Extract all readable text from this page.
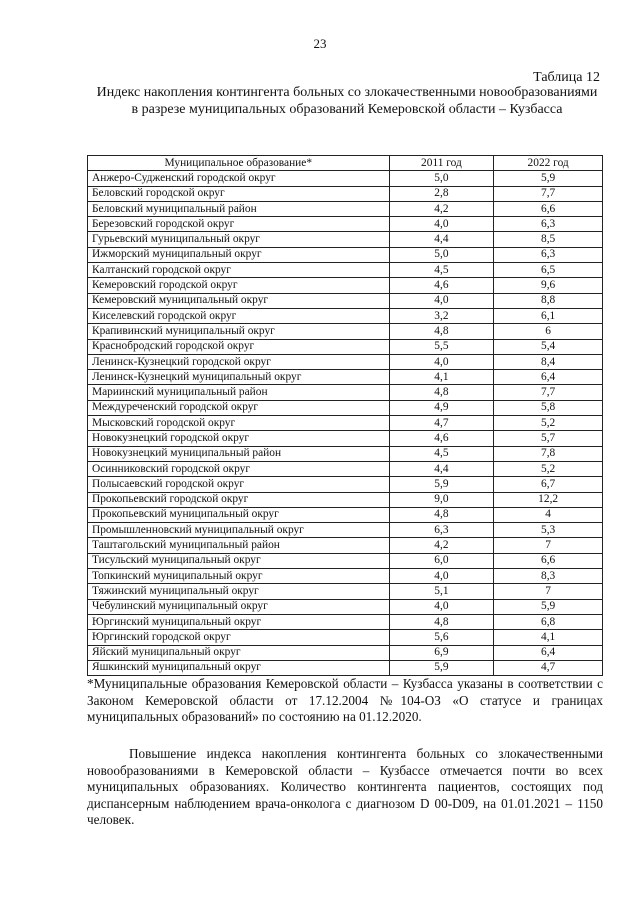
23
Таблица 12
Индекс накопления контингента больных со злокачественными новообразованиями в разрезе муниципальных образований Кемеровской области – Кузбасса
Муниципальное образование*	2011 год	2022 год
Анжеро-Судженский городской округ	5,0	5,9
Беловский городской округ	2,8	7,7
Беловский муниципальный район	4,2	6,6
Березовский городской округ	4,0	6,3
Гурьевский муниципальный округ	4,4	8,5
Ижморский муниципальный округ	5,0	6,3
Калтанский городской округ	4,5	6,5
Кемеровский городской округ	4,6	9,6
Кемеровский муниципальный округ	4,0	8,8
Киселевский городской округ	3,2	6,1
Крапивинский муниципальный округ	4,8	6
Краснобродский городской округ	5,5	5,4
Ленинск-Кузнецкий городской округ	4,0	8,4
Ленинск-Кузнецкий муниципальный округ	4,1	6,4
Мариинский муниципальный район	4,8	7,7
Междуреченский городской округ	4,9	5,8
Мысковский городской округ	4,7	5,2
Новокузнецкий городской округ	4,6	5,7
Новокузнецкий муниципальный район	4,5	7,8
Осинниковский городской округ	4,4	5,2
Полысаевский городской округ	5,9	6,7
Прокопьевский городской округ	9,0	12,2
Прокопьевский муниципальный округ	4,8	4
Промышленновский муниципальный округ	6,3	5,3
Таштагольский муниципальный район	4,2	7
Тисульский муниципальный округ	6,0	6,6
Топкинский муниципальный округ	4,0	8,3
Тяжинский муниципальный округ	5,1	7
Чебулинский муниципальный округ	4,0	5,9
Юргинский муниципальный округ	4,8	6,8
Юргинский городской округ	5,6	4,1
Яйский муниципальный округ	6,9	6,4
Яшкинский муниципальный округ	5,9	4,7
*Муниципальные образования Кемеровской области – Кузбасса указаны в соответствии с Законом Кемеровской области от 17.12.2004 №104-ОЗ «О статусе и границах муниципальных образований» по состоянию на 01.12.2020.
Повышение индекса накопления контингента больных со злокачественными новообразованиями в Кемеровской области – Кузбассе отмечается почти во всех муниципальных образованиях. Количество контингента пациентов, состоящих под диспансерным наблюдением врача-онколога с диагнозом D 00-D09, на 01.01.2021 – 1150 человек.
